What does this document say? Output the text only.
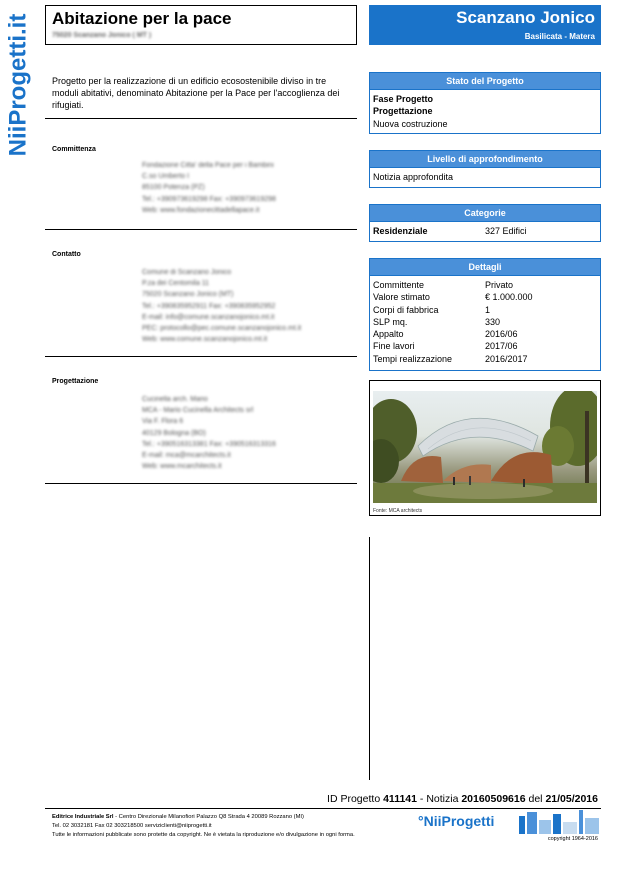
NiiProgetti.it Abitazione per la pace
75020 Scanzano Jonico ( MT )
Scanzano Jonico
Basilicata - Matera
Progetto per la realizzazione di un edificio ecosostenibile diviso in tre moduli abitativi, denominato Abitazione per la Pace per l'accoglienza dei rifugiati.
Committenza
Fondazione Citta' della Pace per i Bambini
C.so Umberto I
85100 Potenza (PZ)
Tel.: +390973619298 Fax: +390973619298
Web: www.fondazionecittadellapace.it
Contatto
Comune di Scanzano Jonico
P.za dei Centomila 11
75020 Scanzano Jonico (MT)
Tel.: +390835952911 Fax: +390835952952
E-mail: info@comune.scanzanojonico.mt.it
PEC: protocollo@pec.comune.scanzanojonico.mt.it
Web: www.comune.scanzanojonico.mt.it
Progettazione
Cucinella arch. Mario
MCA - Mario Cucinella Architects srl
Via F. Flora 6
40129 Bologna (BO)
Tel.: +390516313381 Fax: +390516313316
E-mail: mca@mcarchitects.it
Web: www.mcarchitects.it
Stato del Progetto
Fase Progetto
Progettazione
Nuova costruzione
Livello di approfondimento
Notizia approfondita
Categorie
Residenziale	327 Edifici
Dettagli
Committente	Privato
Valore stimato	€ 1.000.000
Corpi di fabbrica	1
SLP mq.	330
Appalto	2016/06
Fine lavori	2017/06
Tempi realizzazione	2016/2017
Fonte: MCA architects
ID Progetto 411141 - Notizia 20160509616 del 21/05/2016
Editrice Industriale Srl - Centro Direzionale Milanofiori Palazzo Q8 Strada 4 20089 Rozzano (MI)
Tel. 02 3032181 Fax 02 303218500 serviziclienti@niiprogetti.it
Tutte le informazioni pubblicate sono protette da copyright. Ne è vietata la riproduzione e/o divulgazione in ogni forma.
°NiiProgetti
copyright 1964-2016
